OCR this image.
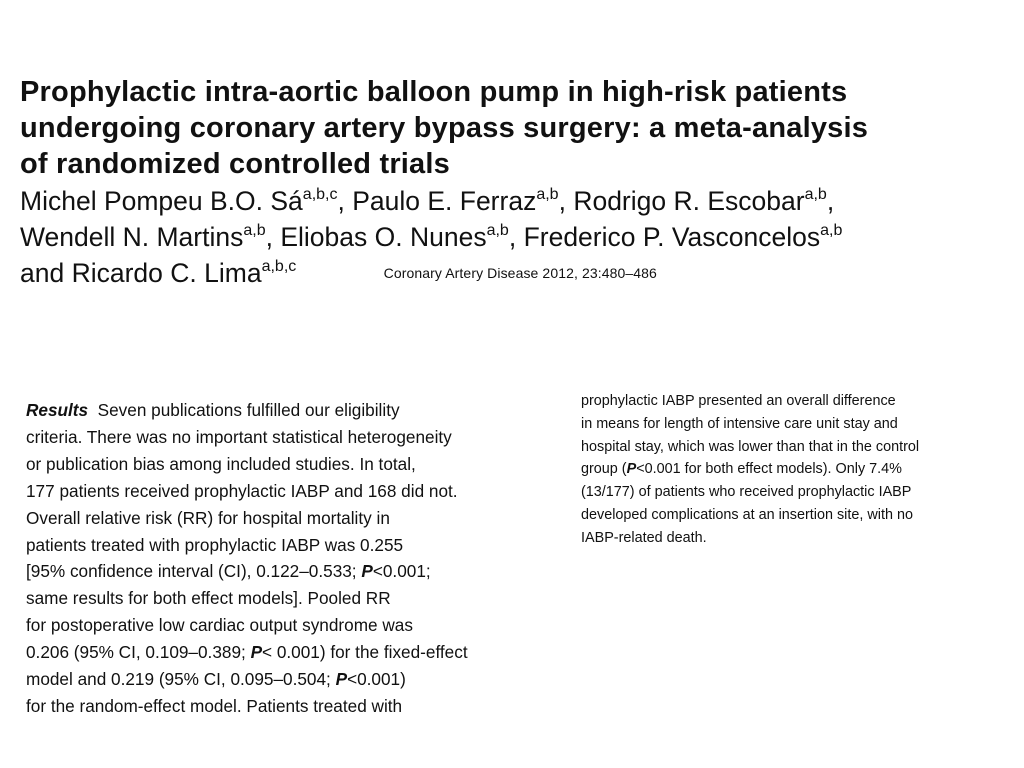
Prophylactic intra-aortic balloon pump in high-risk patients
undergoing coronary artery bypass surgery: a meta-analysis
of randomized controlled trials
Michel Pompeu B.O. Sá$^{a,b,c}$, Paulo E. Ferraz$^{a,b}$, Rodrigo R. Escobar$^{a,b}$,
Wendell N. Martins$^{a,b}$, Eliobas O. Nunes$^{a,b}$, Frederico P. Vasconcelos$^{a,b}$
and Ricardo C. Lima$^{a,b,c}$	Coronary Artery Disease 2012, 23:480–486
Results Seven publications fulfilled our eligibility
criteria. There was no important statistical heterogeneity
or publication bias among included studies. In total,
177 patients received prophylactic IABP and 168 did not.
Overall relative risk (RR) for hospital mortality in
patients treated with prophylactic IABP was 0.255
[95% confidence interval (CI), 0.122–0.533; P<0.001;
same results for both effect models]. Pooled RR
for postoperative low cardiac output syndrome was
0.206 (95% CI, 0.109–0.389; P< 0.001) for the fixed-effect
model and 0.219 (95% CI, 0.095–0.504; P<0.001)
for the random-effect model. Patients treated with
prophylactic IABP presented an overall difference
in means for length of intensive care unit stay and
hospital stay, which was lower than that in the control
group (P<0.001 for both effect models). Only 7.4%
(13/177) of patients who received prophylactic IABP
developed complications at an insertion site, with no
IABP-related death.
